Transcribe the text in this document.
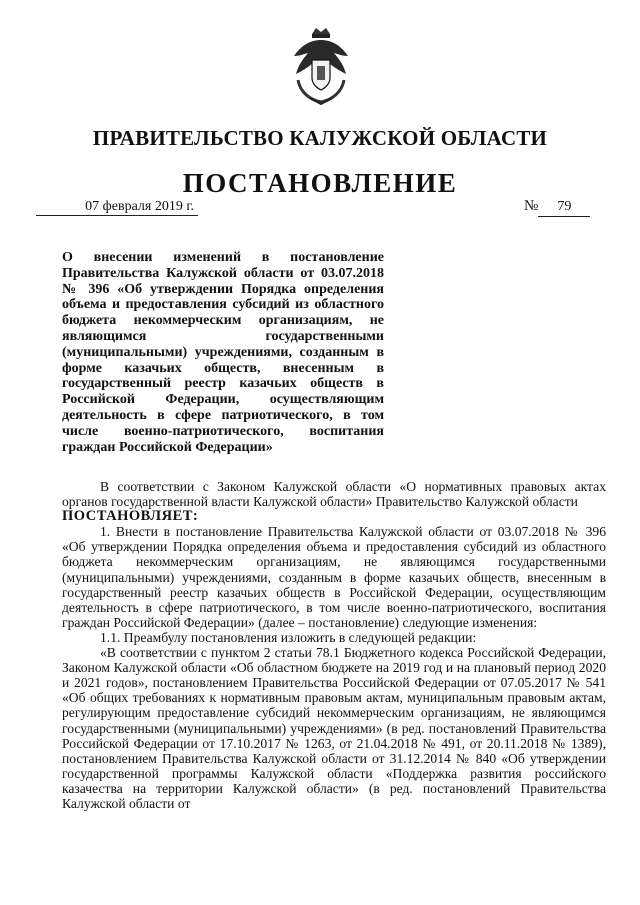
ПРАВИТЕЛЬСТВО КАЛУЖСКОЙ ОБЛАСТИ
ПОСТАНОВЛЕНИЕ
07 февраля 2019 г.	№ 79
О внесении изменений в постановление
Правительства Калужской области от 03.07.2018
№ 396 «Об утверждении Порядка определения
объема и предоставления субсидий из областного
бюджета некоммерческим организациям, не
являющимся государственными
(муниципальными) учреждениями, созданным в
форме казачьих обществ, внесенным в
государственный реестр казачьих обществ в
Российской Федерации, осуществляющим
деятельность в сфере патриотического, в том
числе военно-патриотического, воспитания
граждан Российской Федерации»

В соответствии с Законом Калужской области «О нормативных правовых актах органов государственной власти Калужской области» Правительство Калужской области

ПОСТАНОВЛЯЕТ:

1. Внести в постановление Правительства Калужской области от 03.07.2018 № 396 «Об утверждении Порядка определения объема и предоставления субсидий из областного бюджета некоммерческим организациям, не являющимся государственными (муниципальными) учреждениями, созданным в форме казачьих обществ, внесенным в государственный реестр казачьих обществ в Российской Федерации, осуществляющим деятельность в сфере патриотического, в том числе военно-патриотического, воспитания граждан Российской Федерации» (далее – постановление) следующие изменения:

1.1. Преамбулу постановления изложить в следующей редакции:

«В соответствии с пунктом 2 статьи 78.1 Бюджетного кодекса Российской Федерации, Законом Калужской области «Об областном бюджете на 2019 год и на плановый период 2020 и 2021 годов», постановлением Правительства Российской Федерации от 07.05.2017 № 541 «Об общих требованиях к нормативным правовым актам, муниципальным правовым актам, регулирующим предоставление субсидий некоммерческим организациям, не являющимся государственными (муниципальными) учреждениями» (в ред. постановлений Правительства Российской Федерации от 17.10.2017 № 1263, от 21.04.2018 № 491, от 20.11.2018 № 1389), постановлением Правительства Калужской области от 31.12.2014 № 840 «Об утверждении государственной программы Калужской области «Поддержка развития российского казачества на территории Калужской области» (в ред. постановлений Правительства Калужской области от
